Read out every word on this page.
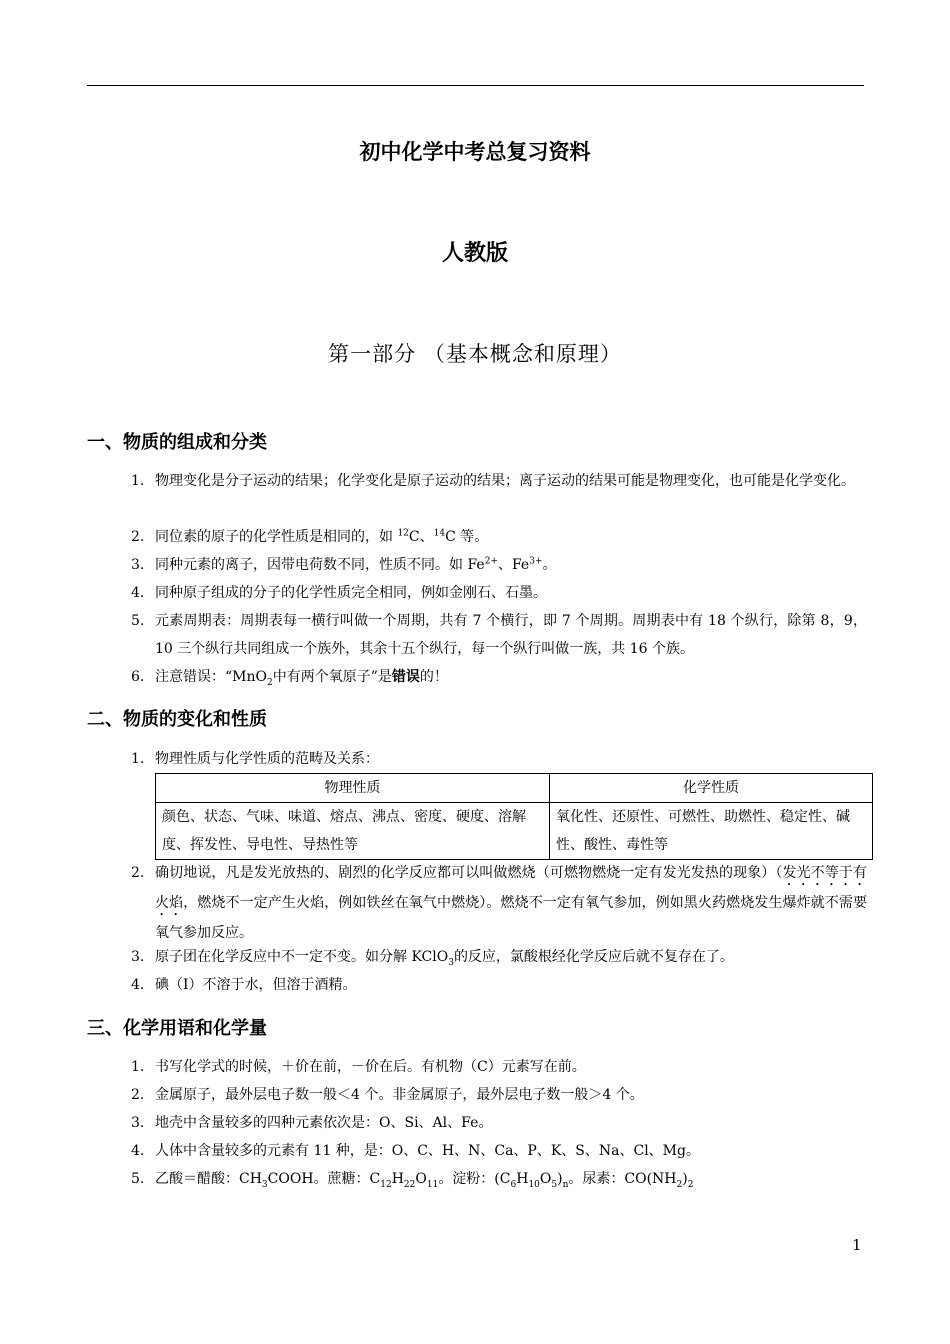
初中化学中考总复习资料
人教版
第一部分 （基本概念和原理）
一、物质的组成和分类
1. 物理变化是分子运动的结果；化学变化是原子运动的结果；离子运动的结果可能是物理变化，也可能是化学变化。
2. 同位素的原子的化学性质是相同的，如 $^{12}$C、$^{14}$C 等。
3. 同种元素的离子，因带电荷数不同，性质不同。如 $Fe^{2+}$、$Fe^{3+}$。
4. 同种原子组成的分子的化学性质完全相同，例如金刚石、石墨。
5. 元素周期表：周期表每一横行叫做一个周期，共有 7 个横行，即 7 个周期。周期表中有 18 个纵行，除第 8，9，10 三个纵行共同组成一个族外，其余十五个纵行，每一个纵行叫做一族，共 16 个族。
6. 注意错误：“MnO$_2$中有两个氧原子”是错误的！
二、物质的变化和性质
1. 物理性质与化学性质的范畴及关系：
物理性质	化学性质
颜色、状态、气味、味道、熔点、沸点、密度、硬度、溶解度、挥发性、导电性、导热性等	氧化性、还原性、可燃性、助燃性、稳定性、碱性、酸性、毒性等
2. 确切地说，凡是发光放热的、剧烈的化学反应都可以叫做燃烧（可燃物燃烧一定有发光发热的现象）（发光不等于有火焰，燃烧不一定产生火焰，例如铁丝在氧气中燃烧）。燃烧不一定有氧气参加，例如黑火药燃烧发生爆炸就不需要氧气参加反应。
3. 原子团在化学反应中不一定不变。如分解 KClO$_3$的反应，氯酸根经化学反应后就不复存在了。
4. 碘（I）不溶于水，但溶于酒精。
三、化学用语和化学量
1. 书写化学式的时候，＋价在前，－价在后。有机物（C）元素写在前。
2. 金属原子，最外层电子数一般＜4 个。非金属原子，最外层电子数一般＞4 个。
3. 地壳中含量较多的四种元素依次是：O、Si、Al、Fe。
4. 人体中含量较多的元素有 11 种，是：O、C、H、N、Ca、P、K、S、Na、Cl、Mg。
5. 乙酸＝醋酸：$CH_3COOH$。蔗糖：$C_{12}H_{22}O_{11}$。淀粉：$(C_6H_{10}O_5)_n$。尿素：$CO(NH_2)_2$
1
